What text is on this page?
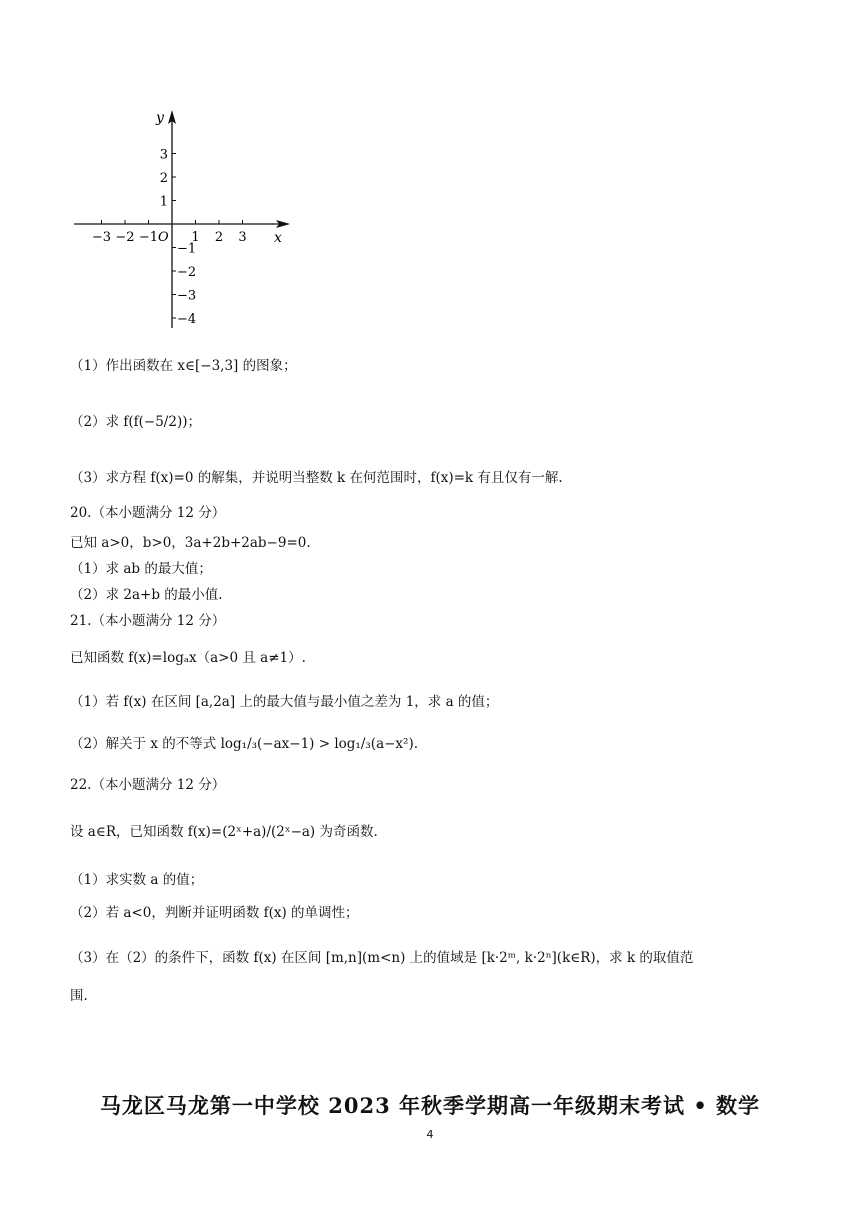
y
x
O
−3 −2 −1	1 2 3
3
2
1
−1
−2
−3
−4
（1）作出函数在 x∈[−3,3] 的图象；
（2）求 f(f(−5/2))；
（3）求方程 f(x)=0 的解集，并说明当整数 k 在何范围时，f(x)=k 有且仅有一解.
20.（本小题满分 12 分）
已知 a>0，b>0，3a+2b+2ab−9=0.
（1）求 ab 的最大值；
（2）求 2a+b 的最小值.
21.（本小题满分 12 分）
已知函数 f(x)=logₐx（a>0 且 a≠1）.
（1）若 f(x) 在区间 [a,2a] 上的最大值与最小值之差为 1，求 a 的值；
（2）解关于 x 的不等式 log₁/₃(−ax−1) > log₁/₃(a−x²).
22.（本小题满分 12 分）
设 a∈R，已知函数 f(x)=(2ˣ+a)/(2ˣ−a) 为奇函数.
（1）求实数 a 的值；
（2）若 a<0，判断并证明函数 f(x) 的单调性；
（3）在（2）的条件下，函数 f(x) 在区间 [m,n](m<n) 上的值域是 [k·2ᵐ, k·2ⁿ](k∈R)，求 k 的取值范
围.
马龙区马龙第一中学校 2023 年秋季学期高一年级期末考试 • 数学
4
